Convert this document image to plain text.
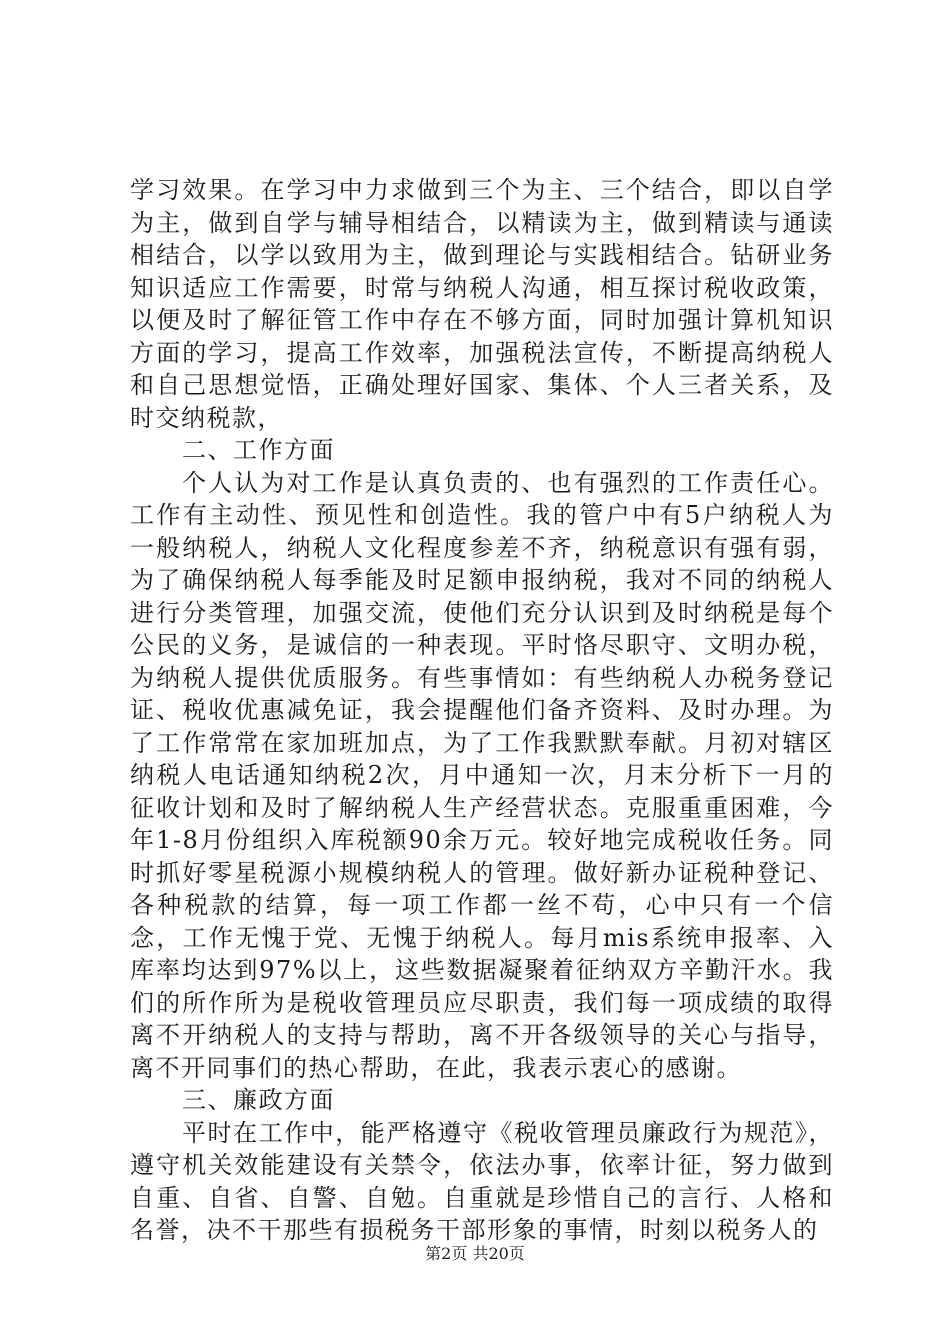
学习效果。在学习中力求做到三个为主、三个结合，即以自学为主，做到自学与辅导相结合，以精读为主，做到精读与通读相结合，以学以致用为主，做到理论与实践相结合。钻研业务知识适应工作需要，时常与纳税人沟通，相互探讨税收政策，以便及时了解征管工作中存在不够方面，同时加强计算机知识方面的学习，提高工作效率，加强税法宣传，不断提高纳税人和自己思想觉悟，正确处理好国家、集体、个人三者关系，及时交纳税款，

二、工作方面

个人认为对工作是认真负责的、也有强烈的工作责任心。工作有主动性、预见性和创造性。我的管户中有5户纳税人为一般纳税人，纳税人文化程度参差不齐，纳税意识有强有弱，为了确保纳税人每季能及时足额申报纳税，我对不同的纳税人进行分类管理，加强交流，使他们充分认识到及时纳税是每个公民的义务，是诚信的一种表现。平时恪尽职守、文明办税，为纳税人提供优质服务。有些事情如：有些纳税人办税务登记证、税收优惠减免证，我会提醒他们备齐资料、及时办理。为了工作常常在家加班加点，为了工作我默默奉献。月初对辖区纳税人电话通知纳税2次，月中通知一次，月末分析下一月的征收计划和及时了解纳税人生产经营状态。克服重重困难，今年1-8月份组织入库税额90余万元。较好地完成税收任务。同时抓好零星税源小规模纳税人的管理。做好新办证税种登记、各种税款的结算，每一项工作都一丝不苟，心中只有一个信念，工作无愧于党、无愧于纳税人。每月mis系统申报率、入库率均达到97%以上，这些数据凝聚着征纳双方辛勤汗水。我们的所作所为是税收管理员应尽职责，我们每一项成绩的取得离不开纳税人的支持与帮助，离不开各级领导的关心与指导，离不开同事们的热心帮助，在此，我表示衷心的感谢。

三、廉政方面

平时在工作中，能严格遵守《税收管理员廉政行为规范》，遵守机关效能建设有关禁令，依法办事，依率计征，努力做到自重、自省、自警、自勉。自重就是珍惜自己的言行、人格和名誉，决不干那些有损税务干部形象的事情，时刻以税务人的

第2页 共20页
